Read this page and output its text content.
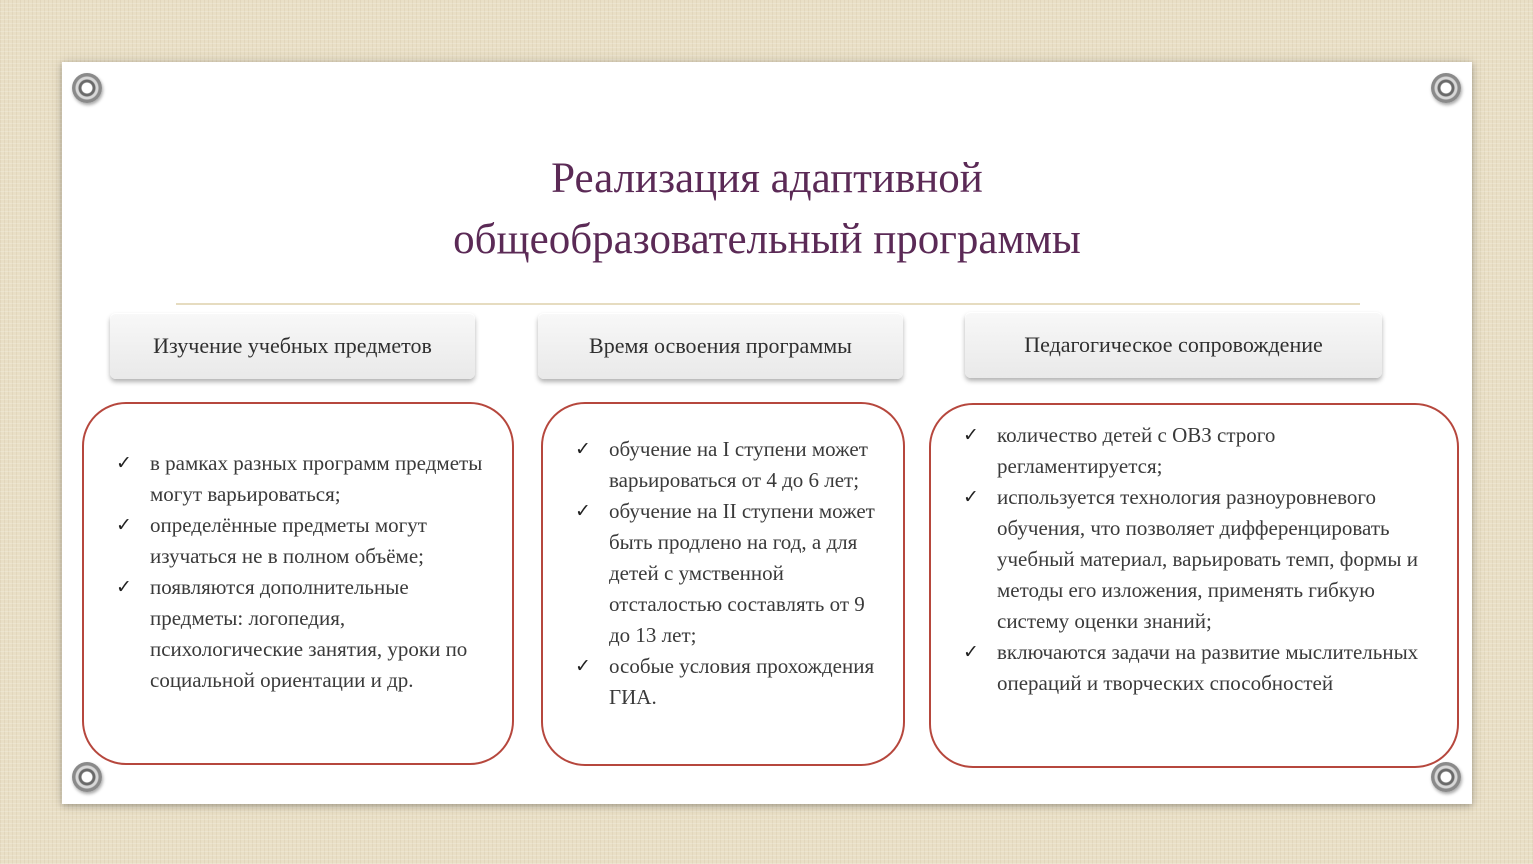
Реализация адаптивной
общеобразовательный программы
Изучение учебных предметов	Время освоения программы	Педагогическое сопровождение
✓ в рамках разных программ предметы могут варьироваться;
✓ определённые предметы могут изучаться не в полном объёме;
✓ появляются дополнительные предметы: логопедия, психологические занятия, уроки по социальной ориентации и др.
✓ обучение на I ступени может варьироваться от 4 до 6 лет;
✓ обучение на II ступени может быть продлено на год, а для детей с умственной отсталостью составлять от 9 до 13 лет;
✓ особые условия прохождения ГИА.
✓ количество детей с ОВЗ строго регламентируется;
✓ используется технология разноуровневого обучения, что позволяет дифференцировать учебный материал, варьировать темп, формы и методы его изложения, применять гибкую систему оценки знаний;
✓ включаются задачи на развитие мыслительных операций и творческих способностей
